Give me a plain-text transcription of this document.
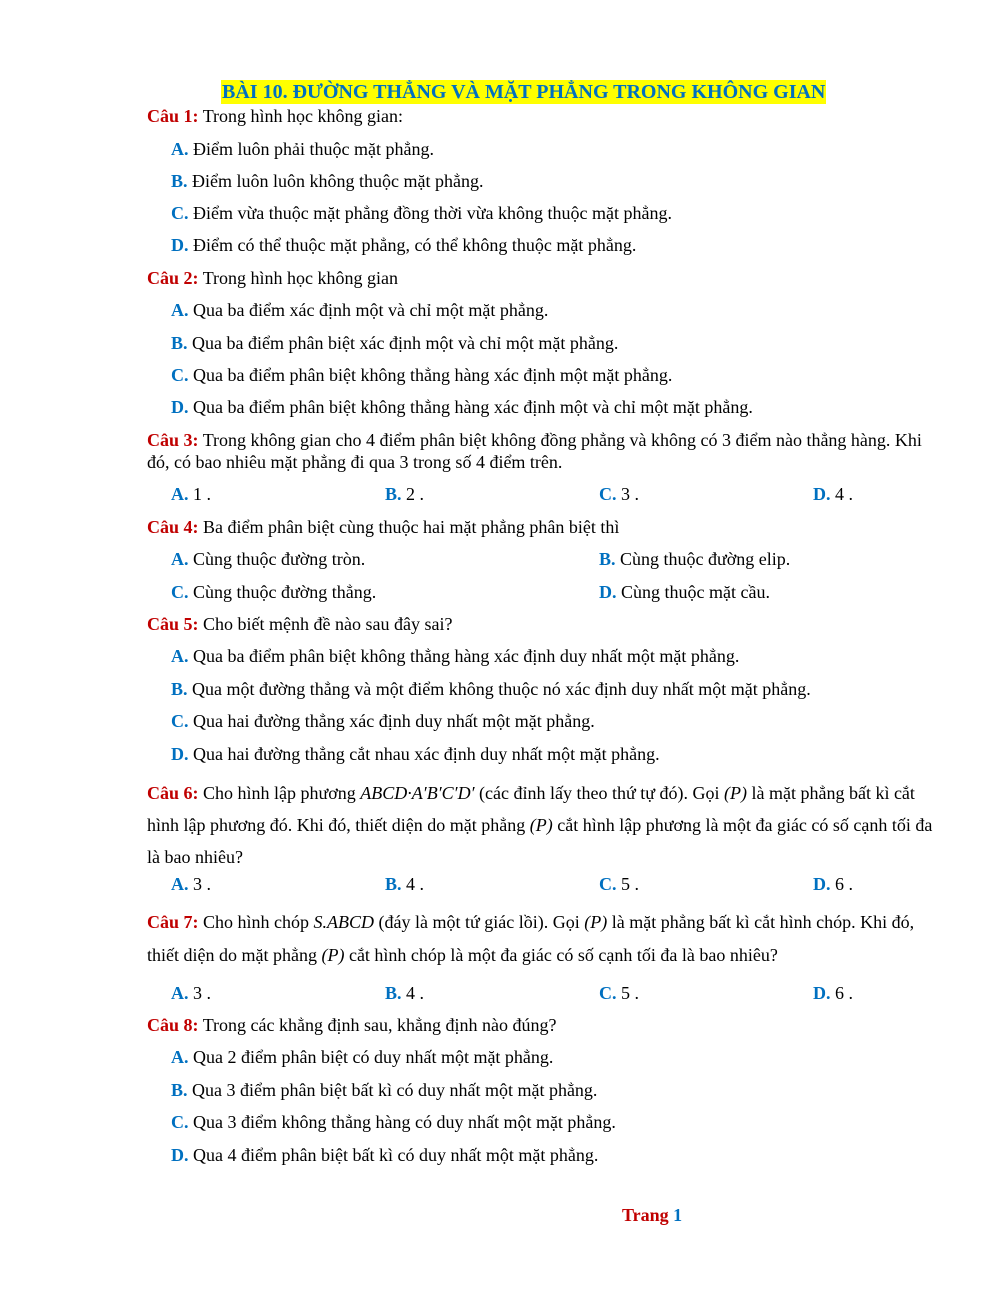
BÀI 10. ĐƯỜNG THẲNG VÀ MẶT PHẲNG TRONG KHÔNG GIAN
Câu 1: Trong hình học không gian:
A. Điểm luôn phải thuộc mặt phẳng.
B. Điểm luôn luôn không thuộc mặt phẳng.
C. Điểm vừa thuộc mặt phẳng đồng thời vừa không thuộc mặt phẳng.
D. Điểm có thể thuộc mặt phẳng, có thể không thuộc mặt phẳng.
Câu 2: Trong hình học không gian
A. Qua ba điểm xác định một và chỉ một mặt phẳng.
B. Qua ba điểm phân biệt xác định một và chỉ một mặt phẳng.
C. Qua ba điểm phân biệt không thẳng hàng xác định một mặt phẳng.
D. Qua ba điểm phân biệt không thẳng hàng xác định một và chỉ một mặt phẳng.
Câu 3: Trong không gian cho 4 điểm phân biệt không đồng phẳng và không có 3 điểm nào thẳng hàng. Khi đó, có bao nhiêu mặt phẳng đi qua 3 trong số 4 điểm trên.
A. 1 .	B. 2 .	C. 3 .	D. 4 .
Câu 4: Ba điểm phân biệt cùng thuộc hai mặt phẳng phân biệt thì
A. Cùng thuộc đường tròn.	B. Cùng thuộc đường elip.
C. Cùng thuộc đường thẳng.	D. Cùng thuộc mặt cầu.
Câu 5: Cho biết mệnh đề nào sau đây sai?
A. Qua ba điểm phân biệt không thẳng hàng xác định duy nhất một mặt phẳng.
B. Qua một đường thẳng và một điểm không thuộc nó xác định duy nhất một mặt phẳng.
C. Qua hai đường thẳng xác định duy nhất một mặt phẳng.
D. Qua hai đường thẳng cắt nhau xác định duy nhất một mặt phẳng.
Câu 6: Cho hình lập phương ABCD·A′B′C′D′ (các đỉnh lấy theo thứ tự đó). Gọi (P) là mặt phẳng bất kì cắt hình lập phương đó. Khi đó, thiết diện do mặt phẳng (P) cắt hình lập phương là một đa giác có số cạnh tối đa là bao nhiêu?
A. 3 .	B. 4 .	C. 5 .	D. 6 .
Câu 7: Cho hình chóp S.ABCD (đáy là một tứ giác lồi). Gọi (P) là mặt phẳng bất kì cắt hình chóp. Khi đó, thiết diện do mặt phẳng (P) cắt hình chóp là một đa giác có số cạnh tối đa là bao nhiêu?
A. 3 .	B. 4 .	C. 5 .	D. 6 .
Câu 8: Trong các khẳng định sau, khẳng định nào đúng?
A. Qua 2 điểm phân biệt có duy nhất một mặt phẳng.
B. Qua 3 điểm phân biệt bất kì có duy nhất một mặt phẳng.
C. Qua 3 điểm không thẳng hàng có duy nhất một mặt phẳng.
D. Qua 4 điểm phân biệt bất kì có duy nhất một mặt phẳng.
Trang 1
